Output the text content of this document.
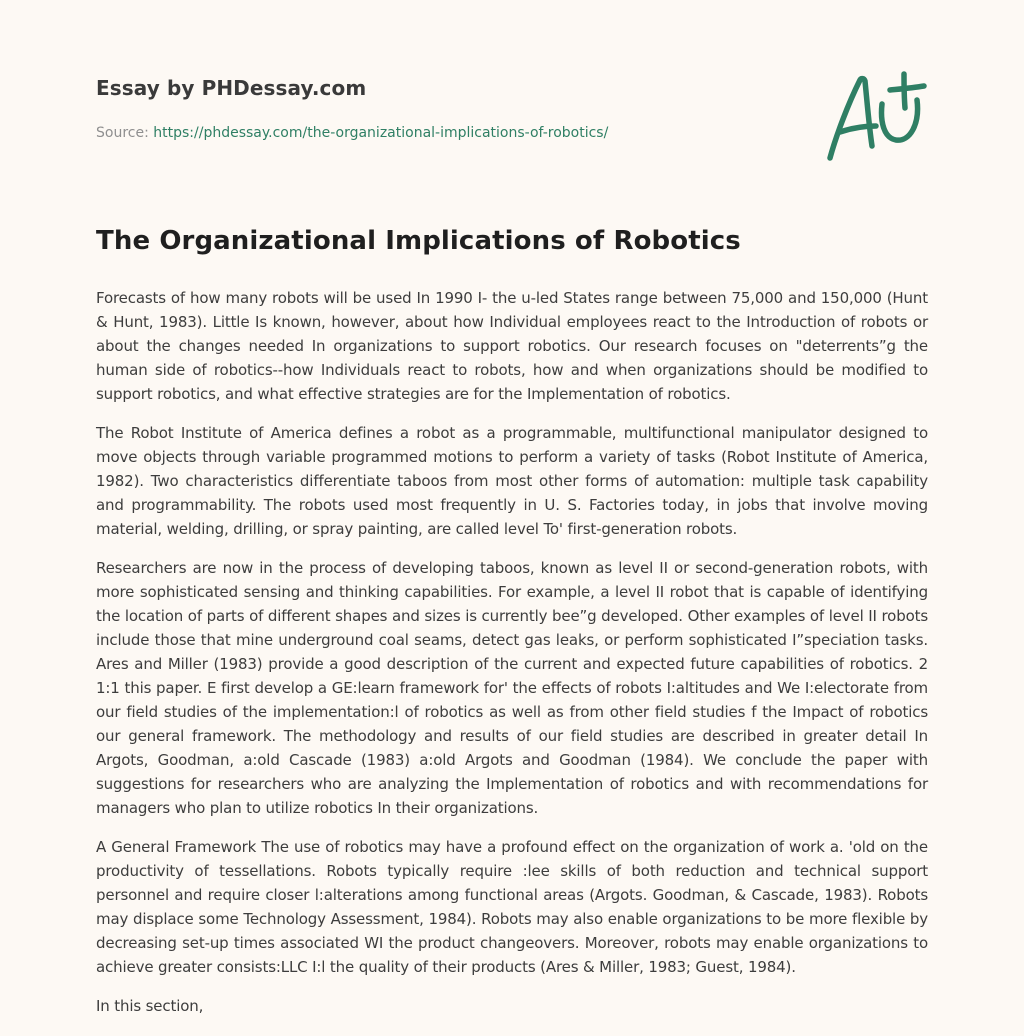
Essay by PHDessay.com
Source: https://phdessay.com/the-organizational-implications-of-robotics/
The Organizational Implications of Robotics

Forecasts of how many robots will be used In 1990 I- the u-led States range between 75,000 and 150,000 (Hunt & Hunt, 1983). Little Is known, however, about how Individual employees react to the Introduction of robots or about the changes needed In organizations to support robotics. Our research focuses on "deterrents”g the human side of robotics--how Individuals react to robots, how and when organizations should be modified to support robotics, and what effective strategies are for the Implementation of robotics.

The Robot Institute of America defines a robot as a programmable, multifunctional manipulator designed to move objects through variable programmed motions to perform a variety of tasks (Robot Institute of America, 1982). Two characteristics differentiate taboos from most other forms of automation: multiple task capability and programmability. The robots used most frequently in U. S. Factories today, in jobs that involve moving material, welding, drilling, or spray painting, are called level To' first-generation robots.

Researchers are now in the process of developing taboos, known as level II or second-generation robots, with more sophisticated sensing and thinking capabilities. For example, a level II robot that is capable of identifying the location of parts of different shapes and sizes is currently bee”g developed. Other examples of level II robots include those that mine underground coal seams, detect gas leaks, or perform sophisticated I”speciation tasks. Ares and Miller (1983) provide a good description of the current and expected future capabilities of robotics. 2 1:1 this paper. E first develop a GE:learn framework for' the effects of robots I:altitudes and We I:electorate from our field studies of the implementation:l of robotics as well as from other field studies f the Impact of robotics our general framework. The methodology and results of our field studies are described in greater detail In Argots, Goodman, a:old Cascade (1983) a:old Argots and Goodman (1984). We conclude the paper with suggestions for researchers who are analyzing the Implementation of robotics and with recommendations for managers who plan to utilize robotics In their organizations.

A General Framework The use of robotics may have a profound effect on the organization of work a. 'old on the productivity of tessellations. Robots typically require :lee skills of both reduction and technical support personnel and require closer l:alterations among functional areas (Argots. Goodman, & Cascade, 1983). Robots may displace some Technology Assessment, 1984). Robots may also enable organizations to be more flexible by decreasing set-up times associated WI the product changeovers. Moreover, robots may enable organizations to achieve greater consists:LLC I:l the quality of their products (Ares & Miller, 1983; Guest, 1984).

In this section,
